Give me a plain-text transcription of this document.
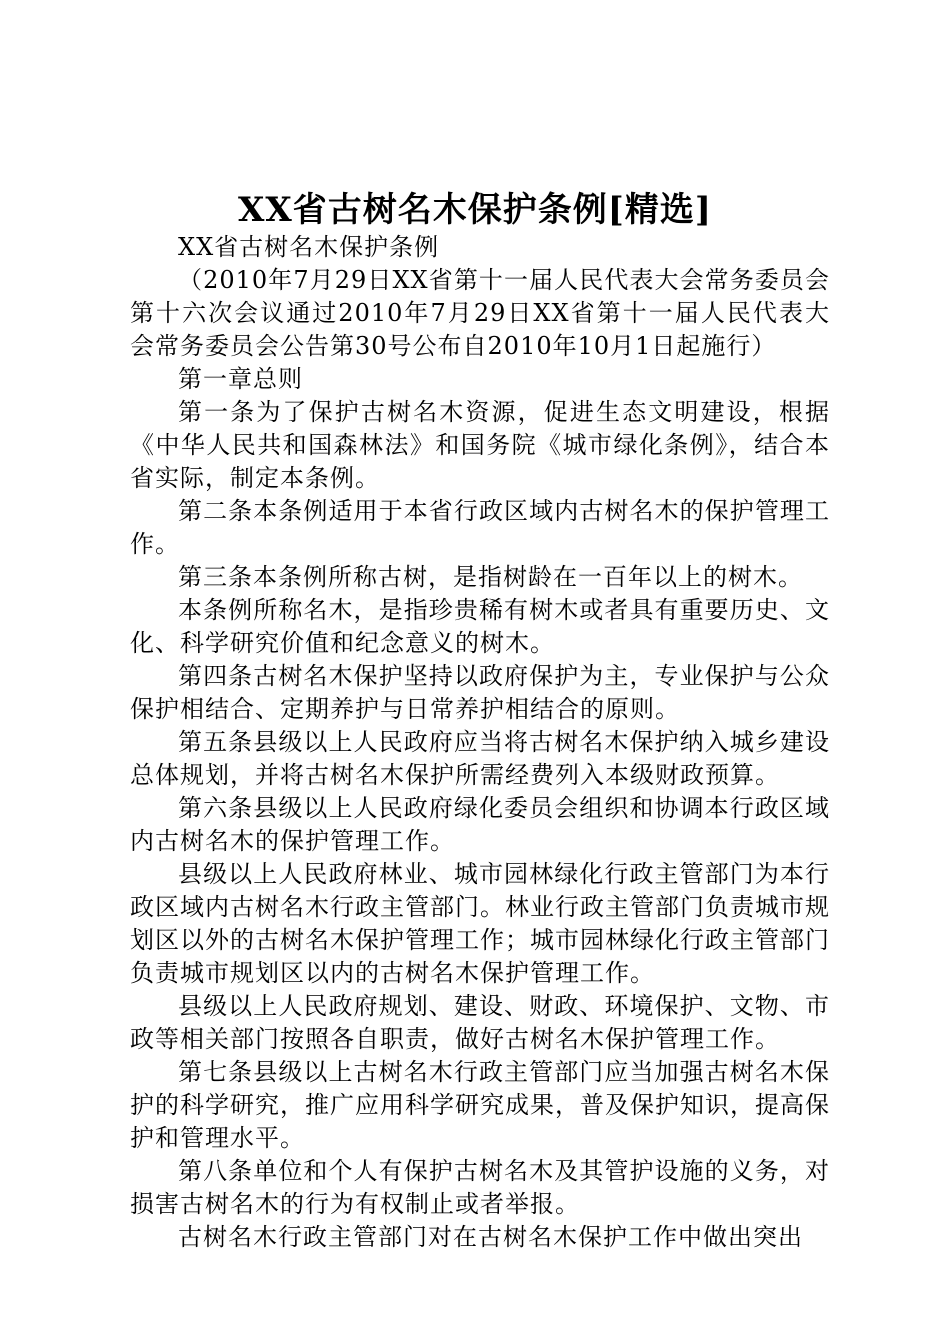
XX省古树名木保护条例[精选]

XX省古树名木保护条例

（2010年7月29日XX省第十一届人民代表大会常务委员会第十六次会议通过2010年7月29日XX省第十一届人民代表大会常务委员会公告第30号公布自2010年10月1日起施行）

第一章总则

第一条为了保护古树名木资源，促进生态文明建设，根据《中华人民共和国森林法》和国务院《城市绿化条例》，结合本省实际，制定本条例。

第二条本条例适用于本省行政区域内古树名木的保护管理工作。

第三条本条例所称古树，是指树龄在一百年以上的树木。

本条例所称名木，是指珍贵稀有树木或者具有重要历史、文化、科学研究价值和纪念意义的树木。

第四条古树名木保护坚持以政府保护为主，专业保护与公众保护相结合、定期养护与日常养护相结合的原则。

第五条县级以上人民政府应当将古树名木保护纳入城乡建设总体规划，并将古树名木保护所需经费列入本级财政预算。

第六条县级以上人民政府绿化委员会组织和协调本行政区域内古树名木的保护管理工作。

县级以上人民政府林业、城市园林绿化行政主管部门为本行政区域内古树名木行政主管部门。林业行政主管部门负责城市规划区以外的古树名木保护管理工作；城市园林绿化行政主管部门负责城市规划区以内的古树名木保护管理工作。

县级以上人民政府规划、建设、财政、环境保护、文物、市政等相关部门按照各自职责，做好古树名木保护管理工作。

第七条县级以上古树名木行政主管部门应当加强古树名木保护的科学研究，推广应用科学研究成果，普及保护知识，提高保护和管理水平。

第八条单位和个人有保护古树名木及其管护设施的义务，对损害古树名木的行为有权制止或者举报。

古树名木行政主管部门对在古树名木保护工作中做出突出
